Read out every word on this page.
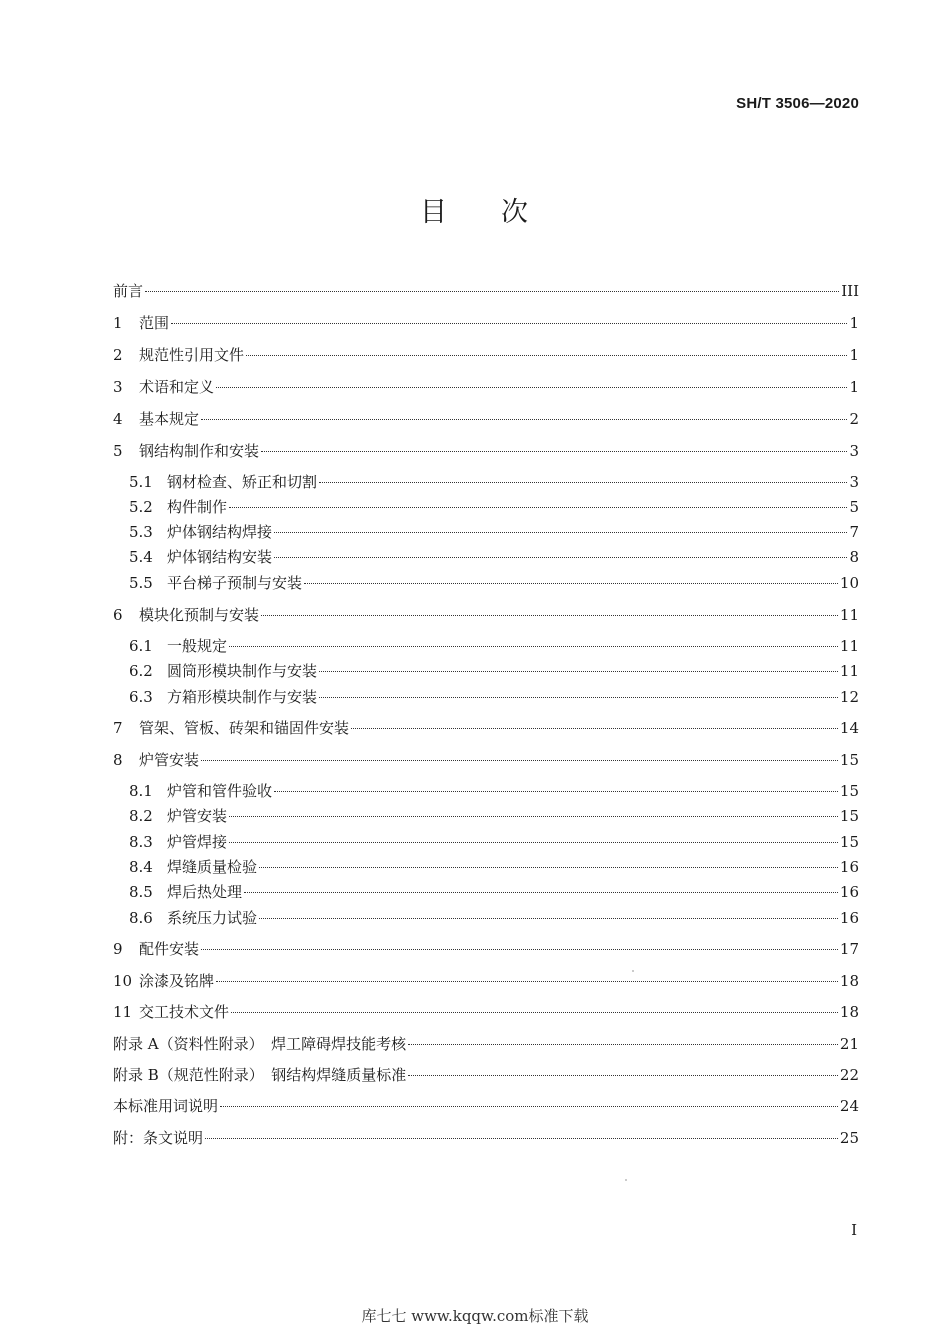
SH/T 3506—2020
目 次
前言	III
1	范围	1
2	规范性引用文件	1
3	术语和定义	1
4	基本规定	2
5	钢结构制作和安装	3
5.1 钢材检查、矫正和切割	3
5.2 构件制作	5
5.3 炉体钢结构焊接	7
5.4 炉体钢结构安装	8
5.5 平台梯子预制与安装	10
6	模块化预制与安装	11
6.1 一般规定	11
6.2 圆筒形模块制作与安装	11
6.3 方箱形模块制作与安装	12
7	管架、管板、砖架和锚固件安装	14
8	炉管安装	15
8.1 炉管和管件验收	15
8.2 炉管安装	15
8.3 炉管焊接	15
8.4 焊缝质量检验	16
8.5 焊后热处理	16
8.6 系统压力试验	16
9	配件安装	17
10 涂漆及铭牌	18
11 交工技术文件	18
附录 A（资料性附录）　焊工障碍焊技能考核	21
附录 B（规范性附录）　钢结构焊缝质量标准	22
本标准用词说明	24
附：条文说明	25
I
库七七 www.kqqw.com标准下载
